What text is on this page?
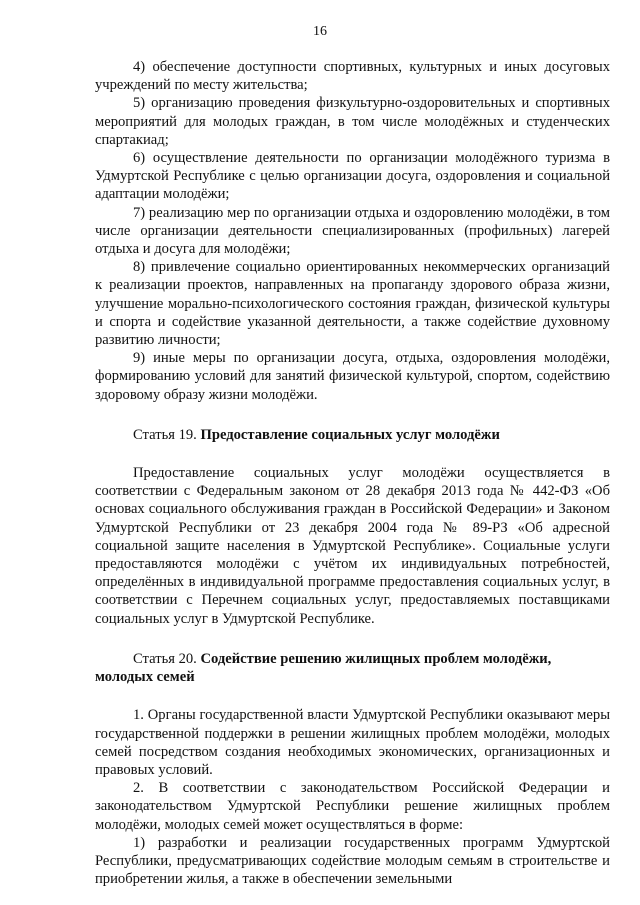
16

4) обеспечение доступности спортивных, культурных и иных досуговых учреждений по месту жительства;

5) организацию проведения физкультурно-оздоровительных и спортивных мероприятий для молодых граждан, в том числе молодёжных и студенческих спартакиад;

6) осуществление деятельности по организации молодёжного туризма в Удмуртской Республике с целью организации досуга, оздоровления и социальной адаптации молодёжи;

7) реализацию мер по организации отдыха и оздоровлению молодёжи, в том числе организации деятельности специализированных (профильных) лагерей отдыха и досуга для молодёжи;

8) привлечение социально ориентированных некоммерческих организаций к реализации проектов, направленных на пропаганду здорового образа жизни, улучшение морально-психологического состояния граждан, физической культуры и спорта и содействие указанной деятельности, а также содействие духовному развитию личности;

9) иные меры по организации досуга, отдыха, оздоровления молодёжи, формированию условий для занятий физической культурой, спортом, содействию здоровому образу жизни молодёжи.

Статья 19. Предоставление социальных услуг молодёжи

Предоставление социальных услуг молодёжи осуществляется в соответствии с Федеральным законом от 28 декабря 2013 года № 442-ФЗ «Об основах социального обслуживания граждан в Российской Федерации» и Законом Удмуртской Республики от 23 декабря 2004 года № 89-РЗ «Об адресной социальной защите населения в Удмуртской Республике». Социальные услуги предоставляются молодёжи с учётом их индивидуальных потребностей, определённых в индивидуальной программе предоставления социальных услуг, в соответствии с Перечнем социальных услуг, предоставляемых поставщиками социальных услуг в Удмуртской Республике.

Статья 20. Содействие решению жилищных проблем молодёжи, молодых семей

1. Органы государственной власти Удмуртской Республики оказывают меры государственной поддержки в решении жилищных проблем молодёжи, молодых семей посредством создания необходимых экономических, организационных и правовых условий.

2. В соответствии с законодательством Российской Федерации и законодательством Удмуртской Республики решение жилищных проблем молодёжи, молодых семей может осуществляться в форме:

1) разработки и реализации государственных программ Удмуртской Республики, предусматривающих содействие молодым семьям в строительстве и приобретении жилья, а также в обеспечении земельными
